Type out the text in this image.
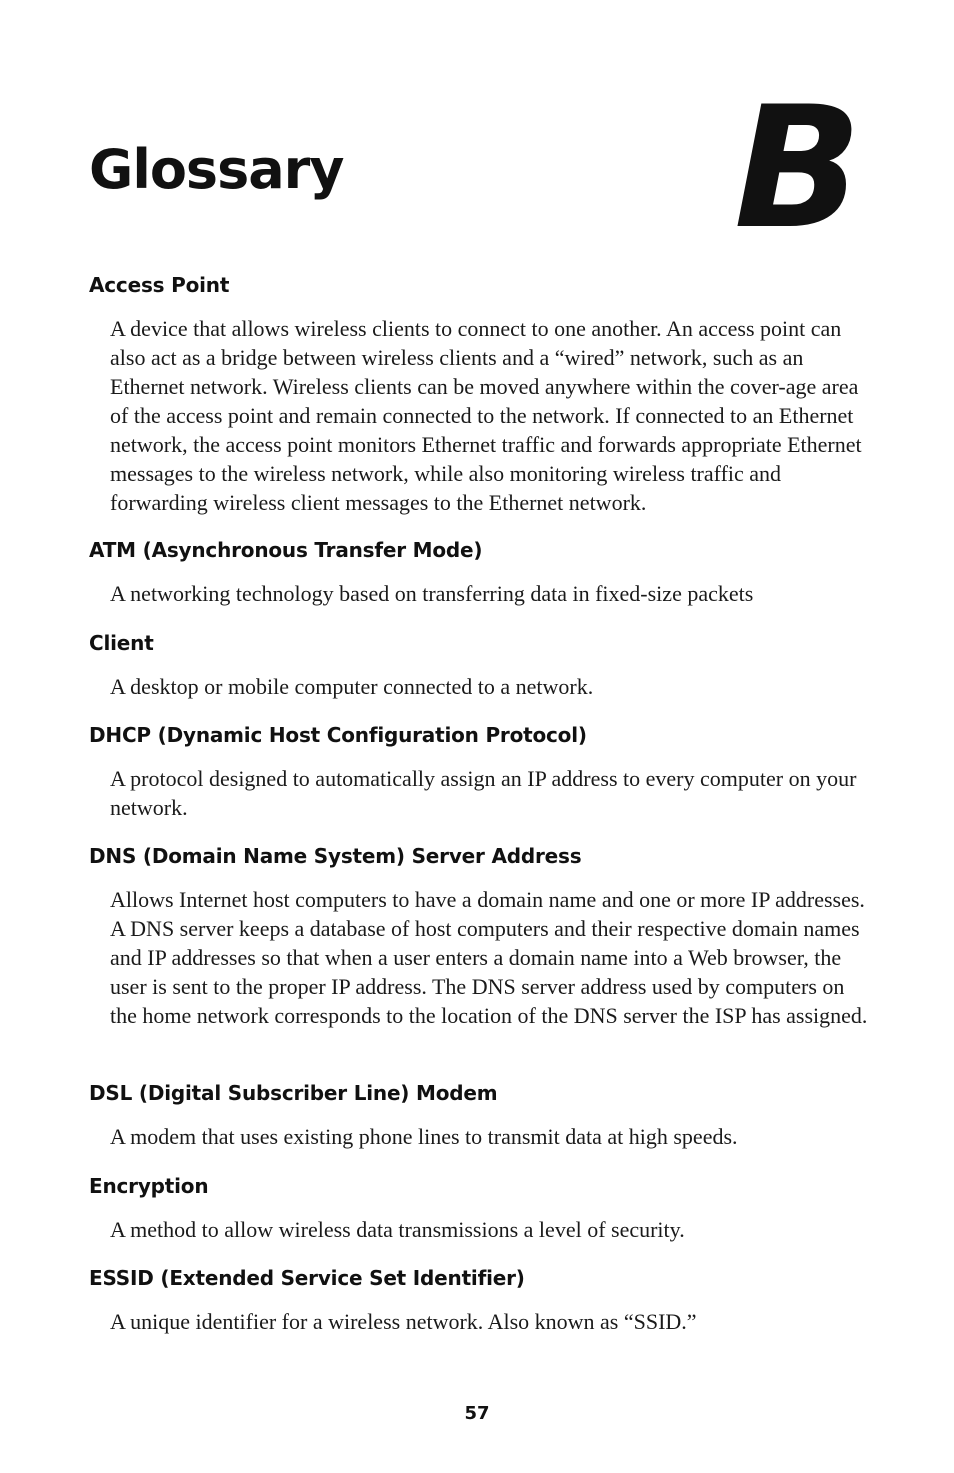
Glossary B
Access Point

A device that allows wireless clients to connect to one another. An access point can also act as a bridge between wireless clients and a “wired” network, such as an Ethernet network. Wireless clients can be moved anywhere within the cover-age area of the access point and remain connected to the network. If connected to an Ethernet network, the access point monitors Ethernet traffic and forwards appropriate Ethernet messages to the wireless network, while also monitoring wireless traffic and forwarding wireless client messages to the Ethernet network.

ATM (Asynchronous Transfer Mode)

A networking technology based on transferring data in fixed-size packets

Client

A desktop or mobile computer connected to a network.

DHCP (Dynamic Host Configuration Protocol)

A protocol designed to automatically assign an IP address to every computer on your network.

DNS (Domain Name System) Server Address

Allows Internet host computers to have a domain name and one or more IP addresses. A DNS server keeps a database of host computers and their respective domain names and IP addresses so that when a user enters a domain name into a Web browser, the user is sent to the proper IP address. The DNS server address used by computers on the home network corresponds to the location of the DNS server the ISP has assigned.

DSL (Digital Subscriber Line) Modem

A modem that uses existing phone lines to transmit data at high speeds.

Encryption

A method to allow wireless data transmissions a level of security.

ESSID (Extended Service Set Identifier)

A unique identifier for a wireless network. Also known as “SSID.”

57
